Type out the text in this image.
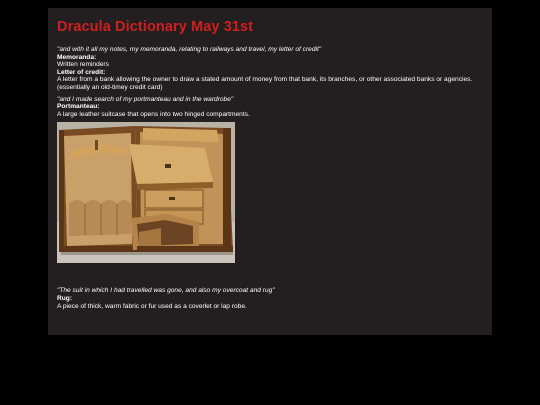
Dracula Dictionary May 31st
"and with it all my notes, my memoranda, relating to railways and travel, my letter of credit"
Memoranda:
Written reminders
Letter of credit:
A letter from a bank allowing the owner to draw a stated amount of money from that bank, its branches, or other associated banks or agencies.
(essentially an old-timey credit card)
"and I made search of my portmanteau and in the wardrobe"
Portmanteau:
A large leather suitcase that opens into two hinged compartments.
"The suit in which I had travelled was gone, and also my overcoat and rug"
Rug:
A piece of thick, warm fabric or fur used as a coverlet or lap robe.
